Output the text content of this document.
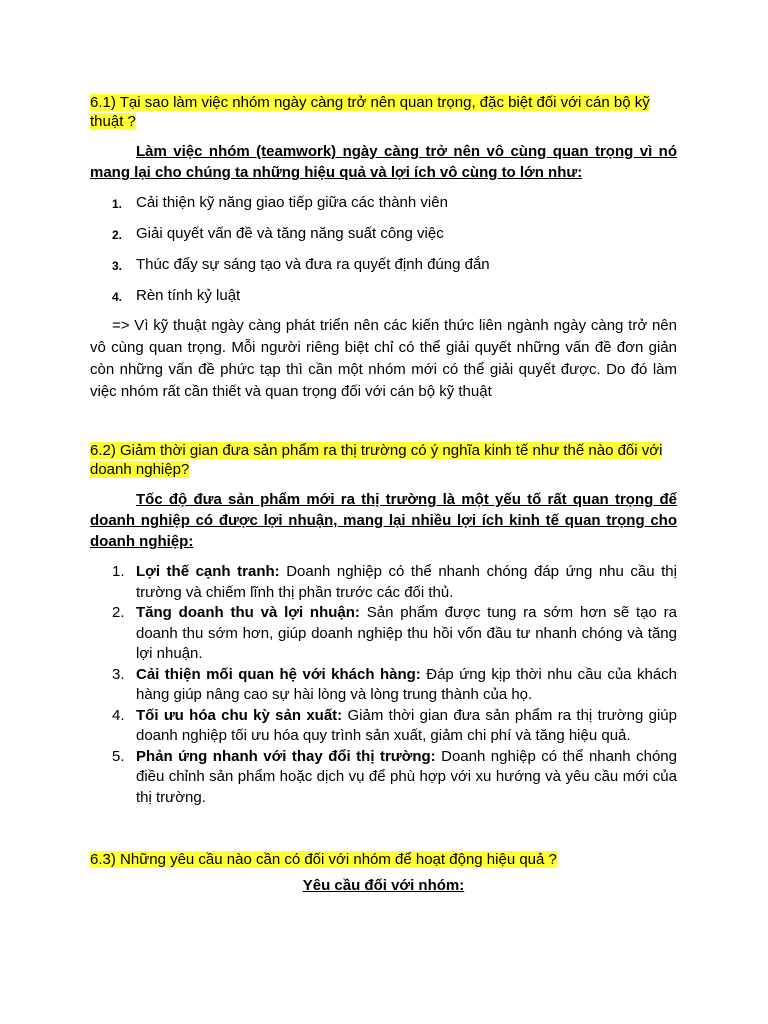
6.1) Tại sao làm việc nhóm ngày càng trở nên quan trọng, đặc biệt đối với cán bộ kỹ thuật ?

Làm việc nhóm (teamwork) ngày càng trở nên vô cùng quan trọng vì nó mang lại cho chúng ta những hiệu quả và lợi ích vô cùng to lớn như:

1. Cải thiện kỹ năng giao tiếp giữa các thành viên
2. Giải quyết vấn đề và tăng năng suất công việc
3. Thúc đẩy sự sáng tạo và đưa ra quyết định đúng đắn
4. Rèn tính kỷ luật

=> Vì kỹ thuật ngày càng phát triển nên các kiến thức liên ngành ngày càng trở nên vô cùng quan trọng. Mỗi người riêng biệt chỉ có thể giải quyết những vấn đề đơn giản còn những vấn đề phức tạp thì cần một nhóm mới có thể giải quyết được. Do đó làm việc nhóm rất cần thiết và quan trọng đối với cán bộ kỹ thuật

6.2) Giảm thời gian đưa sản phẩm ra thị trường có ý nghĩa kinh tế như thế nào đối với doanh nghiệp?

Tốc độ đưa sản phẩm mới ra thị trường là một yếu tố rất quan trọng để doanh nghiệp có được lợi nhuận, mang lại nhiều lợi ích kinh tế quan trọng cho doanh nghiệp:

1. Lợi thế cạnh tranh: Doanh nghiệp có thể nhanh chóng đáp ứng nhu cầu thị trường và chiếm lĩnh thị phần trước các đối thủ.
2. Tăng doanh thu và lợi nhuận: Sản phẩm được tung ra sớm hơn sẽ tạo ra doanh thu sớm hơn, giúp doanh nghiệp thu hồi vốn đầu tư nhanh chóng và tăng lợi nhuận.
3. Cải thiện mối quan hệ với khách hàng: Đáp ứng kịp thời nhu cầu của khách hàng giúp nâng cao sự hài lòng và lòng trung thành của họ.
4. Tối ưu hóa chu kỳ sản xuất: Giảm thời gian đưa sản phẩm ra thị trường giúp doanh nghiệp tối ưu hóa quy trình sản xuất, giảm chi phí và tăng hiệu quả.
5. Phản ứng nhanh với thay đổi thị trường: Doanh nghiệp có thể nhanh chóng điều chỉnh sản phẩm hoặc dịch vụ để phù hợp với xu hướng và yêu cầu mới của thị trường.

6.3) Những yêu cầu nào cần có đối với nhóm để hoạt động hiệu quả ?

Yêu cầu đối với nhóm:
